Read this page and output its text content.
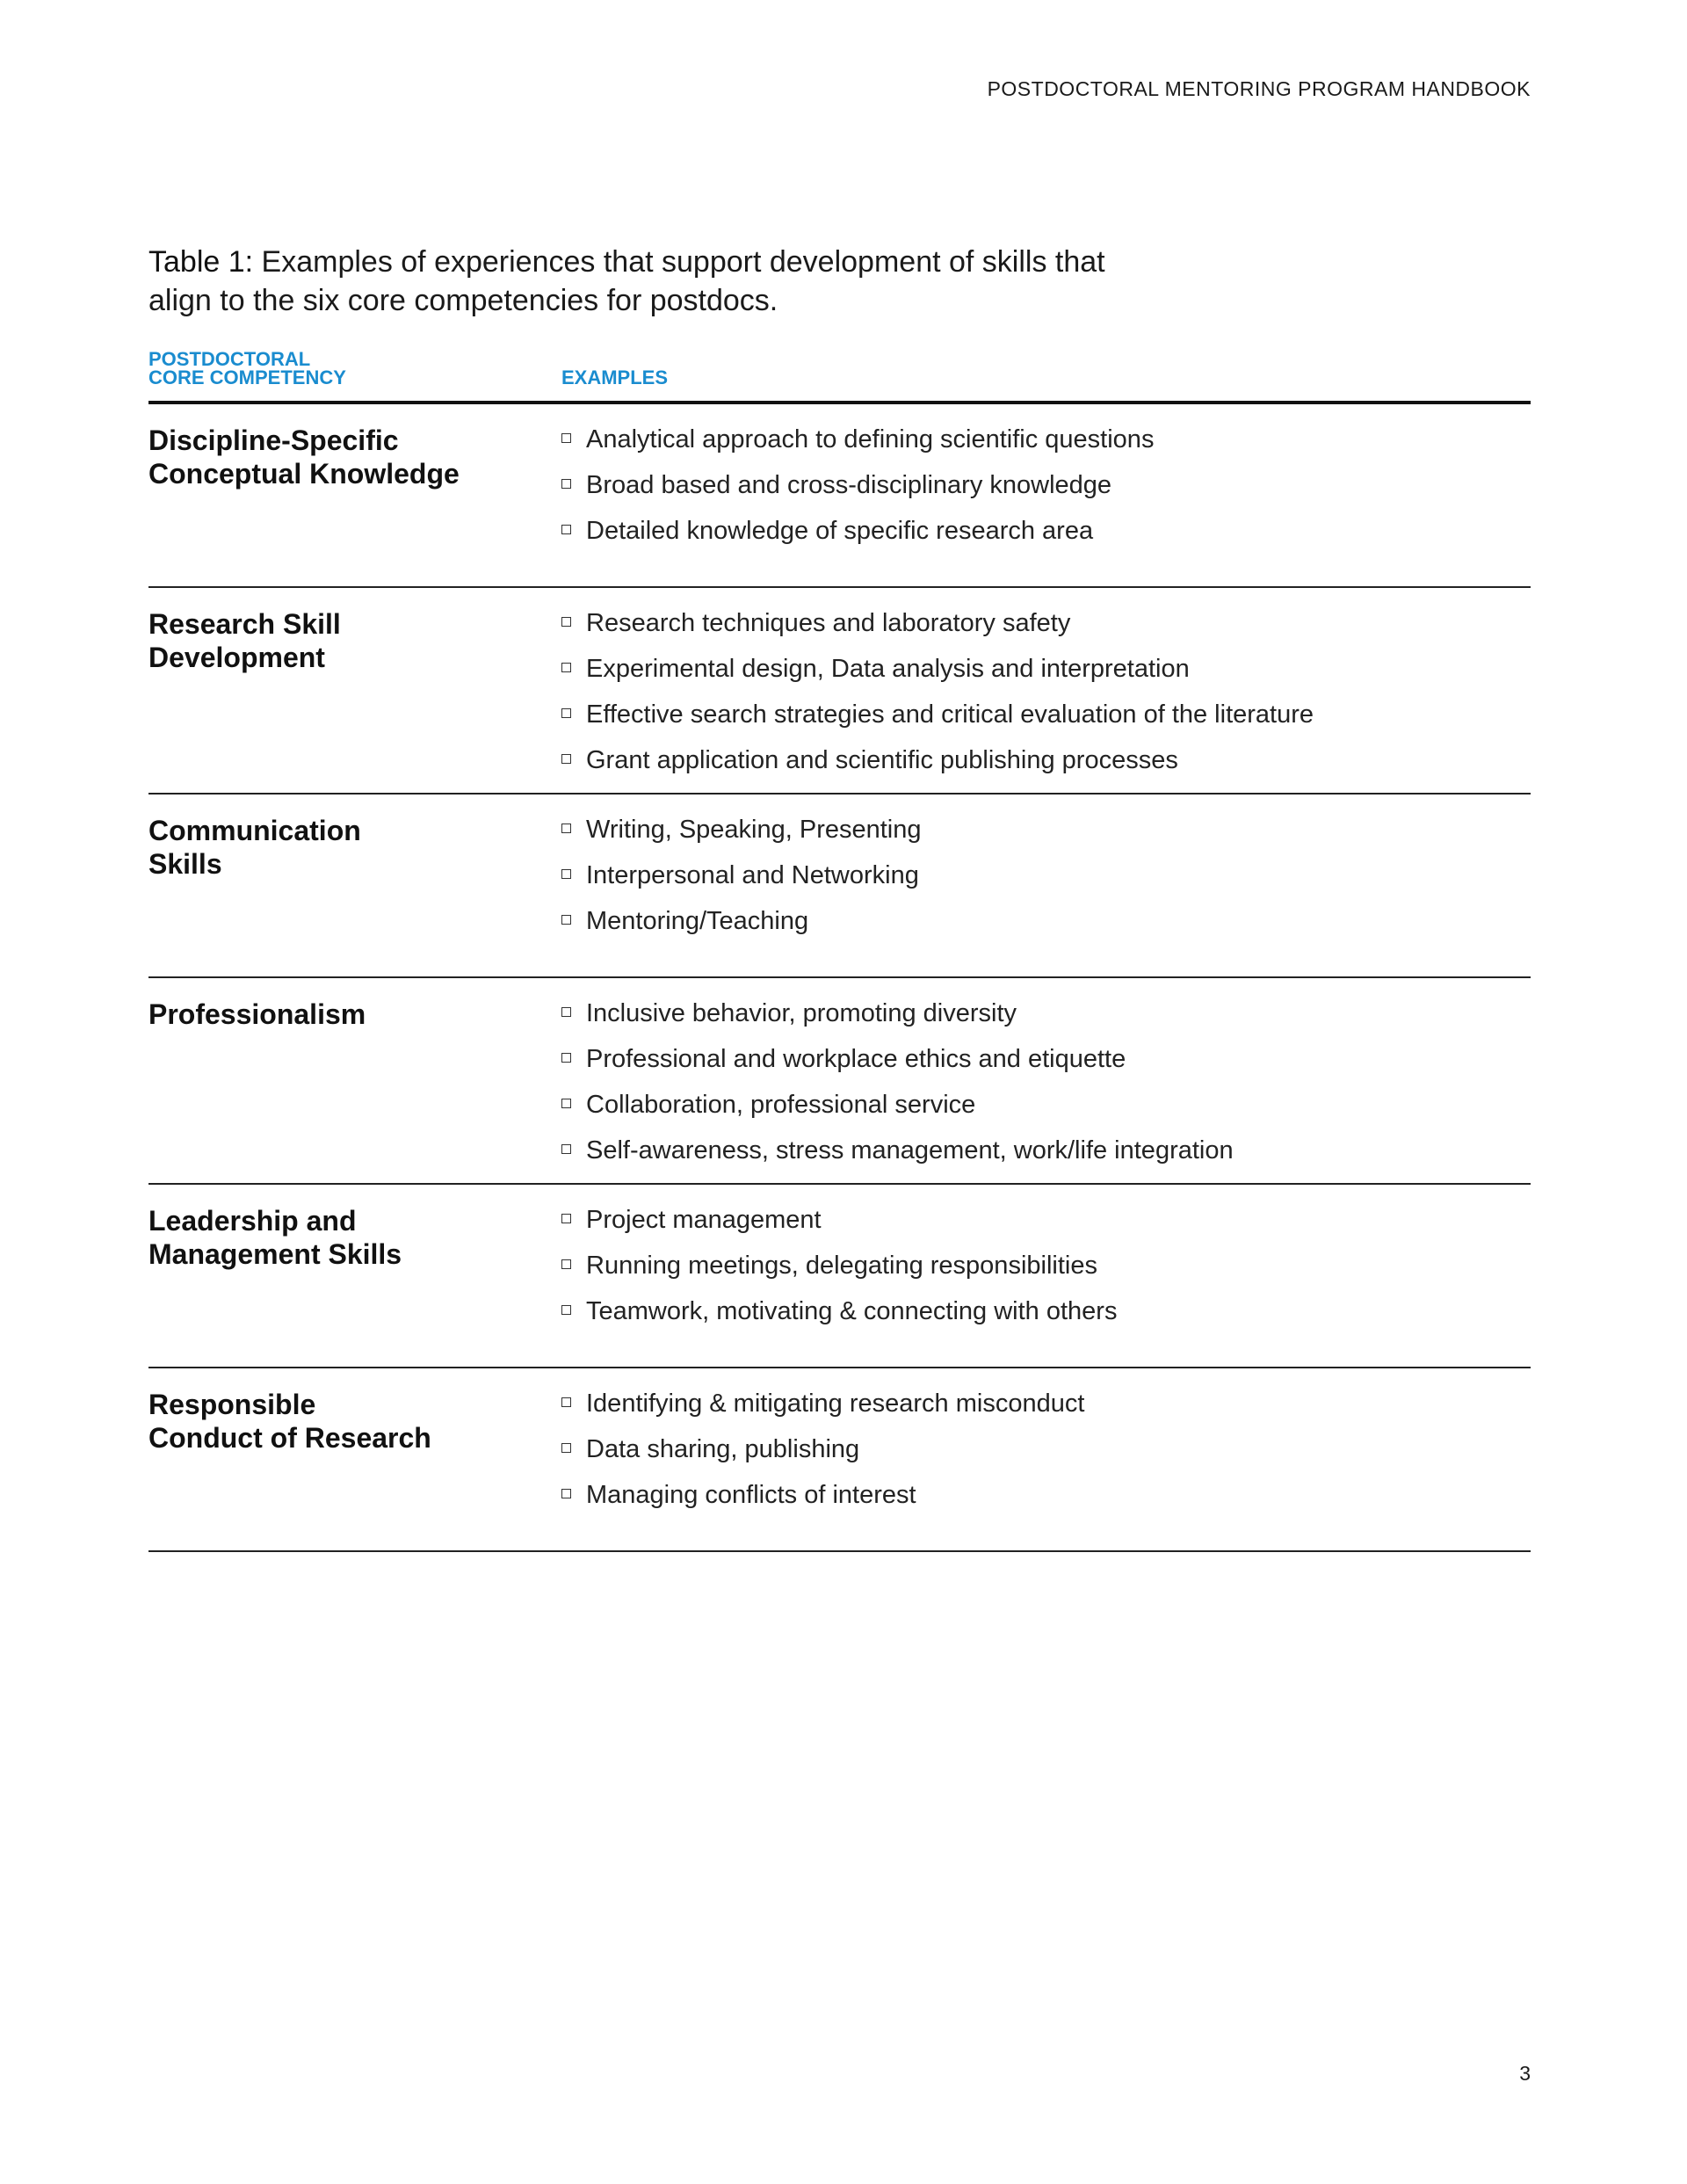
POSTDOCTORAL MENTORING PROGRAM HANDBOOK
Table 1: Examples of experiences that support development of skills that align to the six core competencies for postdocs.
POSTDOCTORAL
CORE COMPETENCY	EXAMPLES
Discipline-Specific
Conceptual Knowledge
Analytical approach to defining scientific questions
Broad based and cross-disciplinary knowledge
Detailed knowledge of specific research area
Research Skill
Development
Research techniques and laboratory safety
Experimental design, Data analysis and interpretation
Effective search strategies and critical evaluation of the literature
Grant application and scientific publishing processes
Communication
Skills
Writing, Speaking, Presenting
Interpersonal and Networking
Mentoring/Teaching
Professionalism	Inclusive behavior, promoting diversity
Professional and workplace ethics and etiquette
Collaboration, professional service
Self-awareness, stress management, work/life integration
Leadership and
Management Skills
Project management
Running meetings, delegating responsibilities
Teamwork, motivating & connecting with others
Responsible
Conduct of Research
Identifying & mitigating research misconduct
Data sharing, publishing
Managing conflicts of interest
3
